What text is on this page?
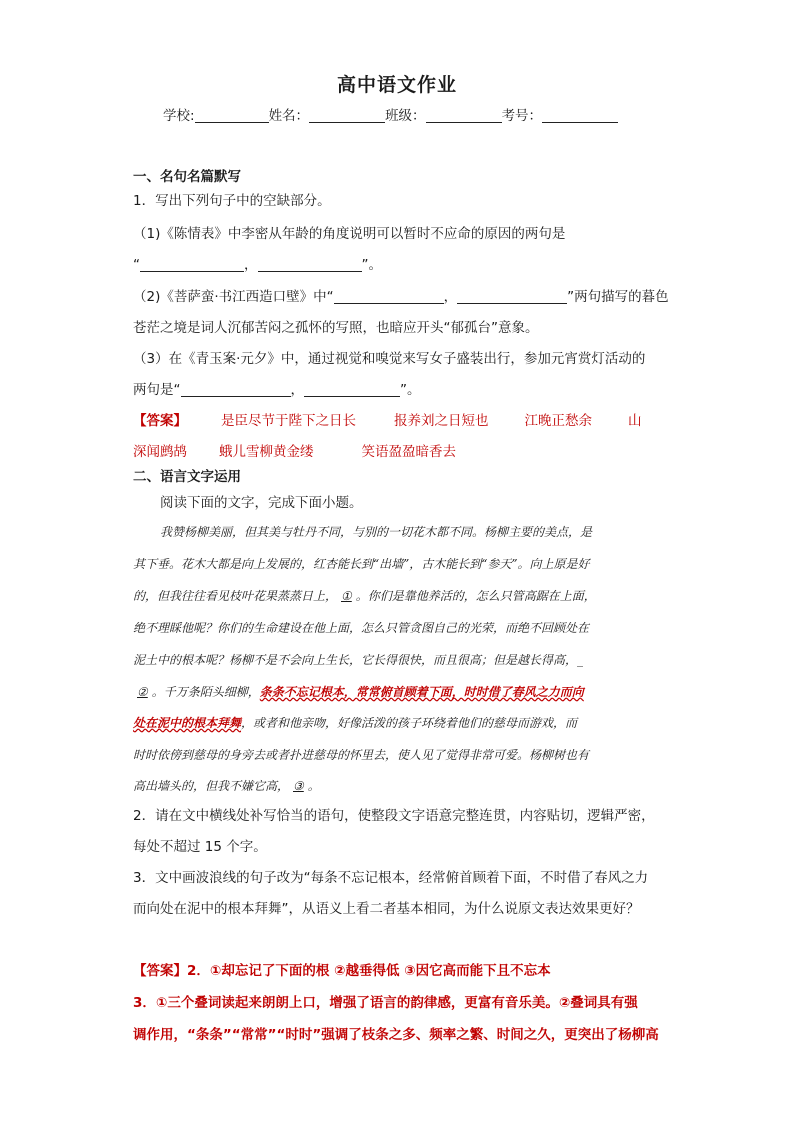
高中语文作业
学校:	姓名：	班级：	考号：
一、名句名篇默写
1．写出下列句子中的空缺部分。
（1)《陈情表》中李密从年龄的角度说明可以暂时不应命的原因的两句是
“	，	”。
（2)《菩萨蛮·书江西造口壁》中“	，	”两句描写的暮色
苍茫之境是词人沉郁苦闷之孤怀的写照，也暗应开头“郁孤台”意象。
（3）在《青玉案·元夕》中，通过视觉和嗅觉来写女子盛装出行，参加元宵赏灯活动的
两句是“	，	”。
【答案】	是臣尽节于陛下之日长	报养刘之日短也	江晚正愁余	山
深闻鹧鸪 蛾儿雪柳黄金缕	笑语盈盈暗香去
二、语言文字运用
阅读下面的文字，完成下面小题。
我赞杨柳美丽，但其美与牡丹不同，与别的一切花木都不同。杨柳主要的美点，是
其下垂。花木大都是向上发展的，红杏能长到“出墙”，古木能长到“参天”。向上原是好
的，但我往往看见枝叶花果蒸蒸日上， ① 。你们是靠他养活的，怎么只管高踞在上面，
绝不理睬他呢？你们的生命建设在他上面，怎么只管贪图自己的光荣，而绝不回顾处在
泥土中的根本呢？杨柳不是不会向上生长，它长得很快，而且很高；但是越长得高，_
② 。千万条陌头细柳，条条不忘记根本，常常俯首顾着下面，时时借了春风之力而向
处在泥中的根本拜舞，或者和他亲吻，好像活泼的孩子环绕着他们的慈母而游戏，而
时时依傍到慈母的身旁去或者扑进慈母的怀里去，使人见了觉得非常可爱。杨柳树也有
高出墙头的，但我不嫌它高， ③ 。
2．请在文中横线处补写恰当的语句，使整段文字语意完整连贯，内容贴切，逻辑严密，
每处不超过 15 个字。
3．文中画波浪线的句子改为“每条不忘记根本，经常俯首顾着下面，不时借了春风之力
而向处在泥中的根本拜舞”，从语义上看二者基本相同，为什么说原文表达效果更好？
【答案】2．①却忘记了下面的根 ②越垂得低 ③因它高而能下且不忘本
3．①三个叠词读起来朗朗上口，增强了语言的韵律感，更富有音乐美。②叠词具有强
调作用，“条条”“常常”“时时”强调了枝条之多、频率之繁、时间之久，更突出了杨柳高
